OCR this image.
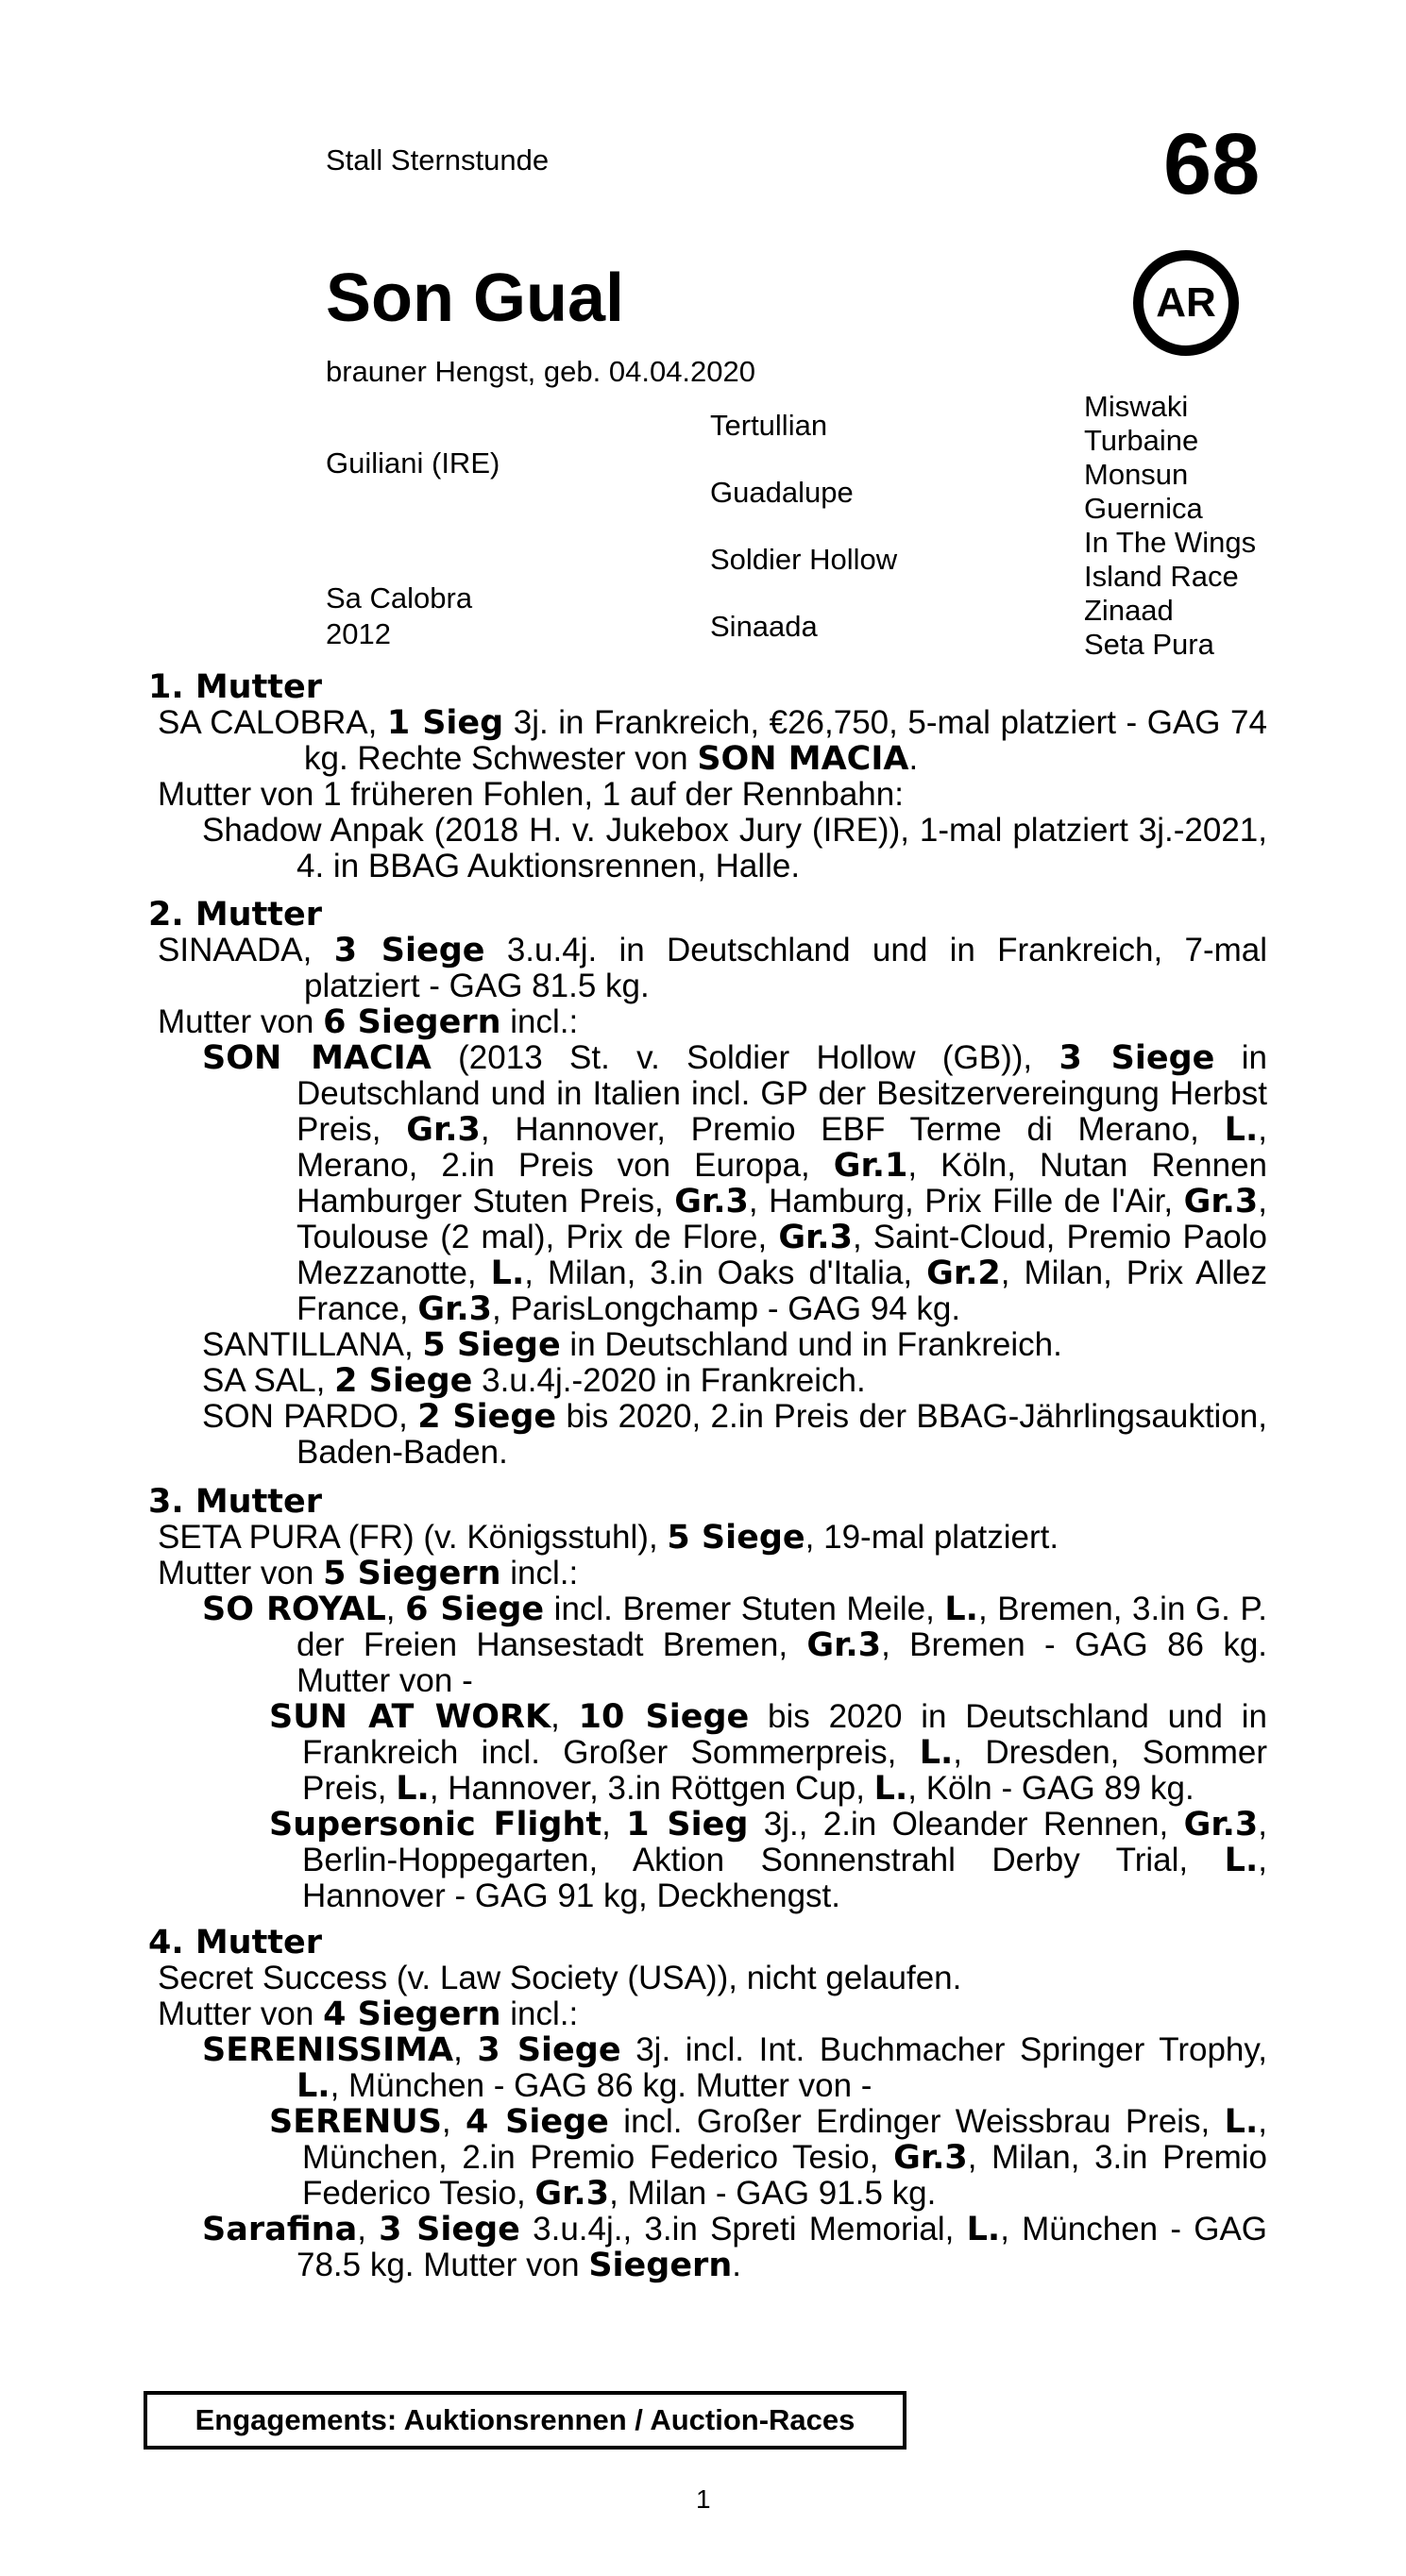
Stall Sternstunde	68
Son Gual	AR
brauner Hengst, geb. 04.04.2020
Guiliani (IRE)
Sa Calobra
2012
Tertullian
Guadalupe
Soldier Hollow
Sinaada
Miswaki
Turbaine
Monsun
Guernica
In The Wings
Island Race
Zinaad
Seta Pura
1. Mutter
SA CALOBRA, 1 Sieg 3j. in Frankreich, €26,750, 5-mal platziert - GAG 74 kg. Rechte Schwester von SON MACIA.
Mutter von 1 früheren Fohlen, 1 auf der Rennbahn:
Shadow Anpak (2018 H. v. Jukebox Jury (IRE)), 1-mal platziert 3j.-2021, 4. in BBAG Auktionsrennen, Halle.
2. Mutter
SINAADA, 3 Siege 3.u.4j. in Deutschland und in Frankreich, 7-mal platziert - GAG 81.5 kg.
Mutter von 6 Siegern incl.:
SON MACIA (2013 St. v. Soldier Hollow (GB)), 3 Siege in Deutschland und in Italien incl. GP der Besitzervereingung Herbst Preis, Gr.3, Hannover, Premio EBF Terme di Merano, L., Merano, 2.in Preis von Europa, Gr.1, Köln, Nutan Rennen Hamburger Stuten Preis, Gr.3, Hamburg, Prix Fille de l'Air, Gr.3, Toulouse (2 mal), Prix de Flore, Gr.3, Saint-Cloud, Premio Paolo Mezzanotte, L., Milan, 3.in Oaks d'Italia, Gr.2, Milan, Prix Allez France, Gr.3, ParisLongchamp - GAG 94 kg.
SANTILLANA, 5 Siege in Deutschland und in Frankreich.
SA SAL, 2 Siege 3.u.4j.-2020 in Frankreich.
SON PARDO, 2 Siege bis 2020, 2.in Preis der BBAG-Jährlingsauktion, Baden-Baden.
3. Mutter
SETA PURA (FR) (v. Königsstuhl), 5 Siege, 19-mal platziert.
Mutter von 5 Siegern incl.:
SO ROYAL, 6 Siege incl. Bremer Stuten Meile, L., Bremen, 3.in G. P. der Freien Hansestadt Bremen, Gr.3, Bremen - GAG 86 kg. Mutter von -
SUN AT WORK, 10 Siege bis 2020 in Deutschland und in Frankreich incl. Großer Sommerpreis, L., Dresden, Sommer Preis, L., Hannover, 3.in Röttgen Cup, L., Köln - GAG 89 kg.
Supersonic Flight, 1 Sieg 3j., 2.in Oleander Rennen, Gr.3, Berlin-Hoppegarten, Aktion Sonnenstrahl Derby Trial, L., Hannover - GAG 91 kg, Deckhengst.
4. Mutter
Secret Success (v. Law Society (USA)), nicht gelaufen.
Mutter von 4 Siegern incl.:
SERENISSIMA, 3 Siege 3j. incl. Int. Buchmacher Springer Trophy, L., München - GAG 86 kg. Mutter von -
SERENUS, 4 Siege incl. Großer Erdinger Weissbrau Preis, L., München, 2.in Premio Federico Tesio, Gr.3, Milan, 3.in Premio Federico Tesio, Gr.3, Milan - GAG 91.5 kg.
Sarafina, 3 Siege 3.u.4j., 3.in Spreti Memorial, L., München - GAG 78.5 kg. Mutter von Siegern.
Engagements: Auktionsrennen / Auction-Races
1
